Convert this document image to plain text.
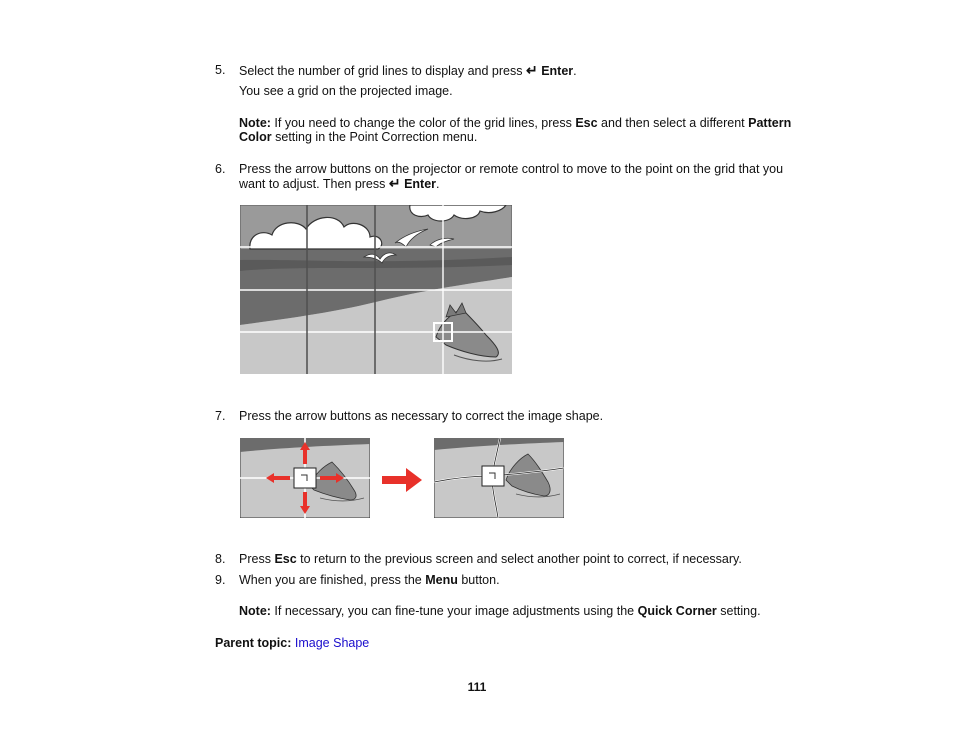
5. Select the number of grid lines to display and press ↵ Enter.
You see a grid on the projected image.
Note: If you need to change the color of the grid lines, press Esc and then select a different Pattern
Color setting in the Point Correction menu.
6. Press the arrow buttons on the projector or remote control to move to the point on the grid that you
want to adjust. Then press ↵ Enter.
7. Press the arrow buttons as necessary to correct the image shape.
8. Press Esc to return to the previous screen and select another point to correct, if necessary.
9. When you are finished, press the Menu button.
Note: If necessary, you can fine-tune your image adjustments using the Quick Corner setting.
Parent topic: Image Shape
111
